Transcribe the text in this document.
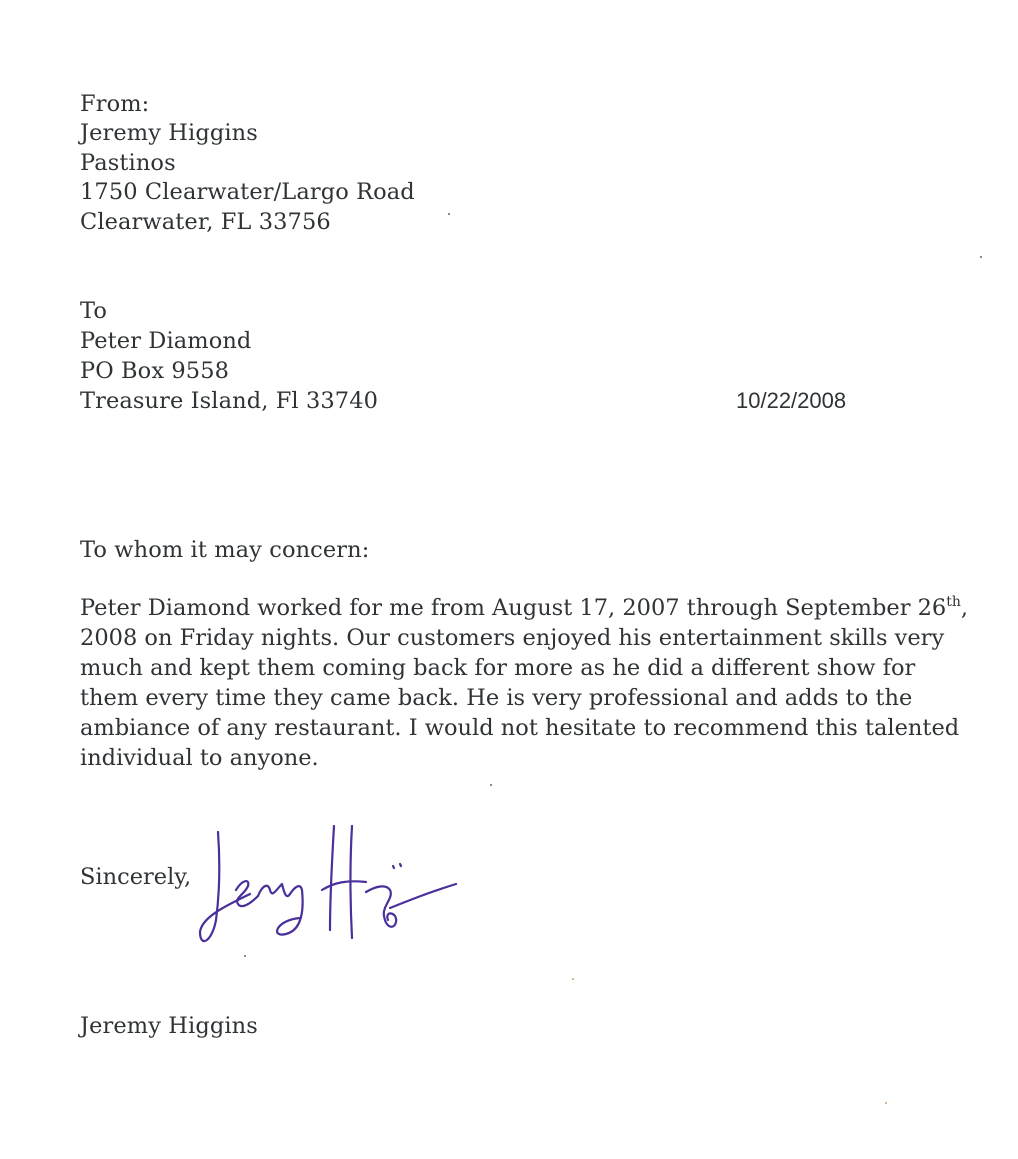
From:
Jeremy Higgins
Pastinos
1750 Clearwater/Largo Road
Clearwater, FL 33756
To
Peter Diamond
PO Box 9558
Treasure Island, Fl 33740	10/22/2008
To whom it may concern:
Peter Diamond worked for me from August 17, 2007 through September 26th,
2008 on Friday nights. Our customers enjoyed his entertainment skills very
much and kept them coming back for more as he did a different show for
them every time they came back. He is very professional and adds to the
ambiance of any restaurant. I would not hesitate to recommend this talented
individual to anyone.
Sincerely,
Jeremy Higgins
